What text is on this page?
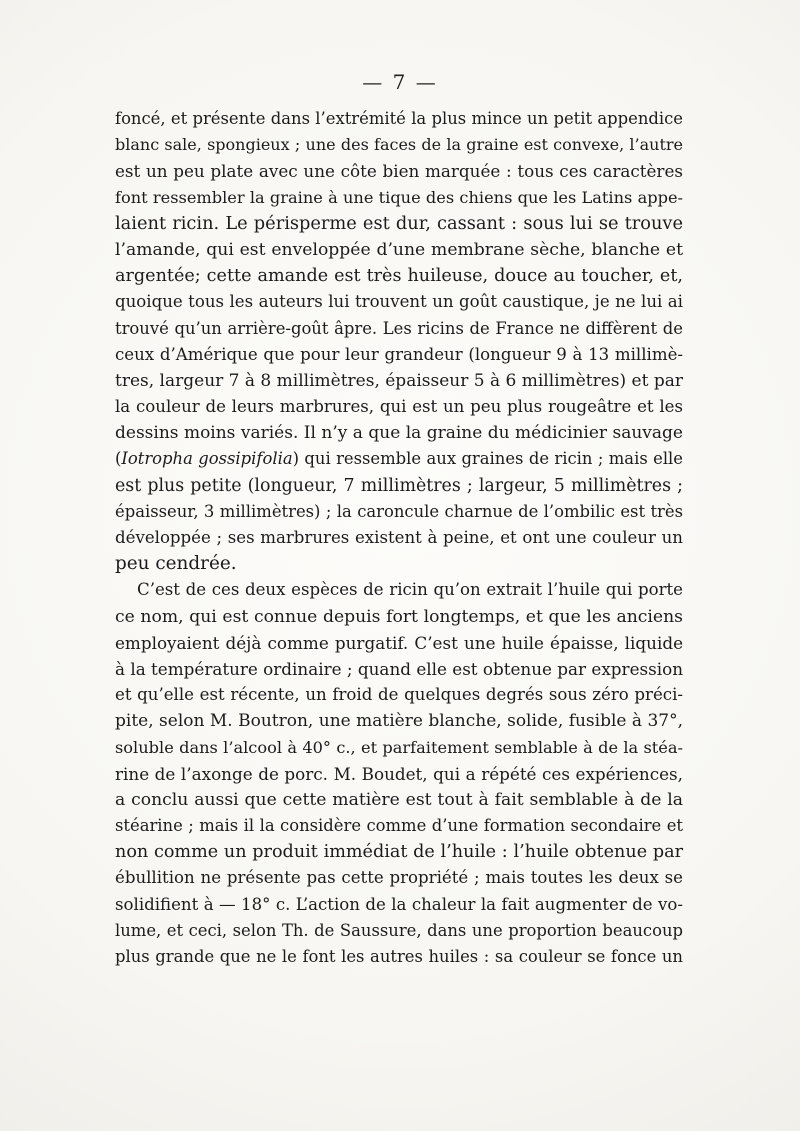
— 7 —
foncé, et présente dans l’extrémité la plus mince un petit appendice
blanc sale, spongieux ; une des faces de la graine est convexe, l’autre
est un peu plate avec une côte bien marquée : tous ces caractères
font ressembler la graine à une tique des chiens que les Latins appe-
laient ricin. Le périsperme est dur, cassant : sous lui se trouve
l’amande, qui est enveloppée d’une membrane sèche, blanche et
argentée; cette amande est très huileuse, douce au toucher, et,
quoique tous les auteurs lui trouvent un goût caustique, je ne lui ai
trouvé qu’un arrière-goût âpre. Les ricins de France ne diffèrent de
ceux d’Amérique que pour leur grandeur (longueur 9 à 13 millimè-
tres, largeur 7 à 8 millimètres, épaisseur 5 à 6 millimètres) et par
la couleur de leurs marbrures, qui est un peu plus rougeâtre et les
dessins moins variés. Il n’y a que la graine du médicinier sauvage
(Iotropha gossipifolia) qui ressemble aux graines de ricin ; mais elle
est plus petite (longueur, 7 millimètres ; largeur, 5 millimètres ;
épaisseur, 3 millimètres) ; la caroncule charnue de l’ombilic est très
développée ; ses marbrures existent à peine, et ont une couleur un
peu cendrée.
C’est de ces deux espèces de ricin qu’on extrait l’huile qui porte
ce nom, qui est connue depuis fort longtemps, et que les anciens
employaient déjà comme purgatif. C’est une huile épaisse, liquide
à la température ordinaire ; quand elle est obtenue par expression
et qu’elle est récente, un froid de quelques degrés sous zéro préci-
pite, selon M. Boutron, une matière blanche, solide, fusible à 37°,
soluble dans l’alcool à 40° c., et parfaitement semblable à de la stéa-
rine de l’axonge de porc. M. Boudet, qui a répété ces expériences,
a conclu aussi que cette matière est tout à fait semblable à de la
stéarine ; mais il la considère comme d’une formation secondaire et
non comme un produit immédiat de l’huile : l’huile obtenue par
ébullition ne présente pas cette propriété ; mais toutes les deux se
solidifient à — 18° c. L’action de la chaleur la fait augmenter de vo-
lume, et ceci, selon Th. de Saussure, dans une proportion beaucoup
plus grande que ne le font les autres huiles : sa couleur se fonce un
